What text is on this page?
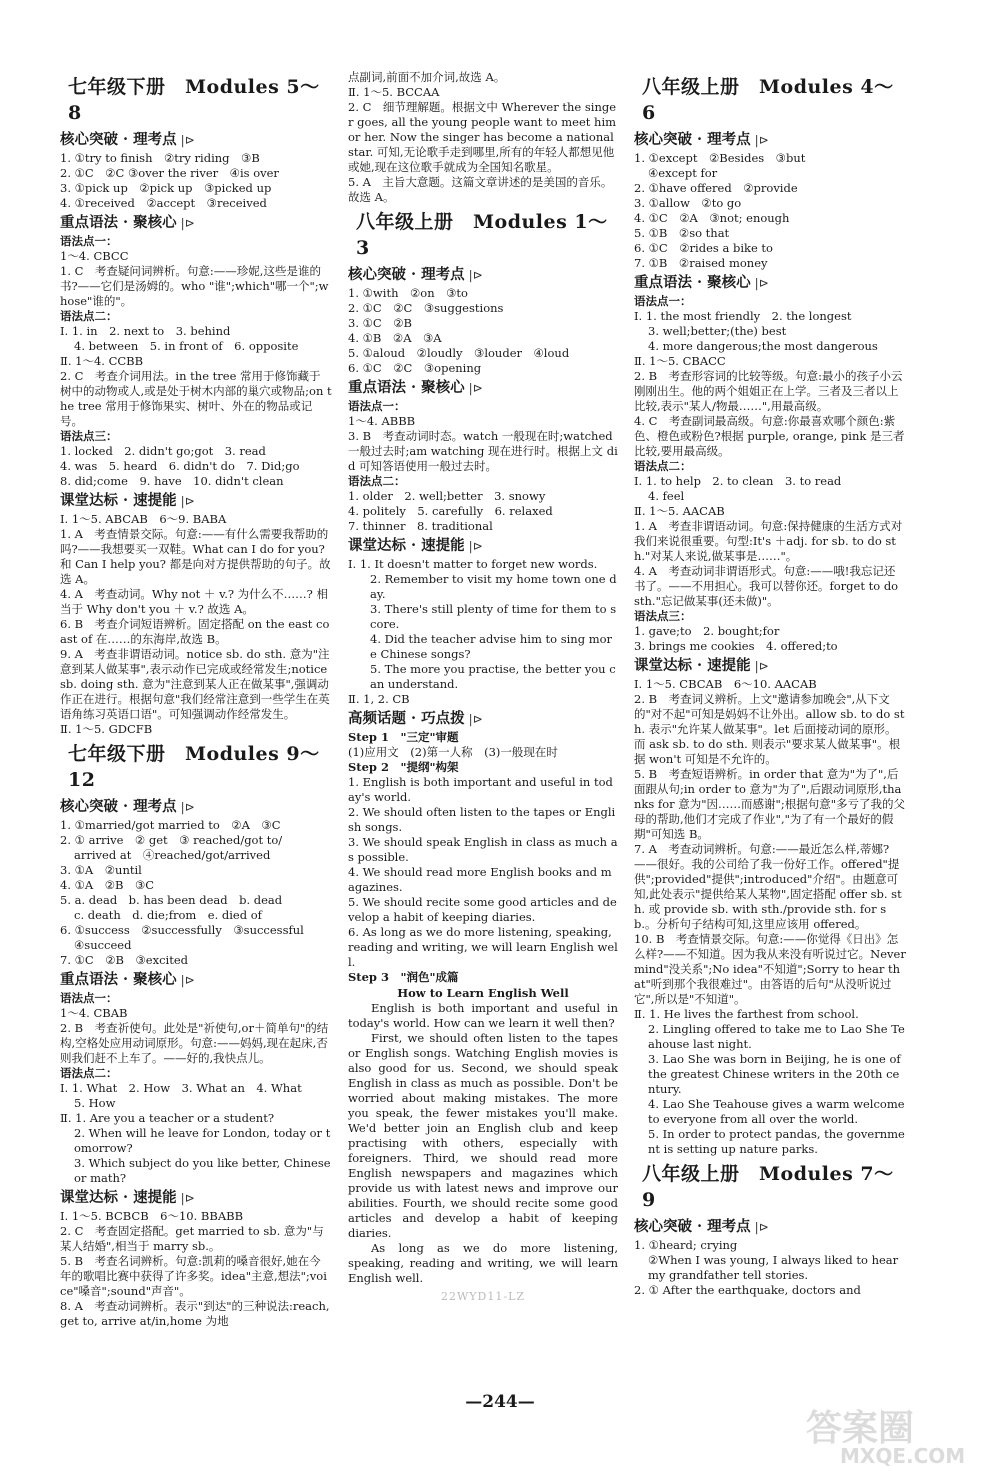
七年级下册　Modules 5～8
核心突破 · 理考点 |⊳
1. ①try to finish　②try riding　③B
2. ①C　②C ③over the river　④is over
3. ①pick up　②pick up　③picked up
4. ①received　②accept　③received
重点语法 · 聚核心 |⊳
语法点一：
1～4. CBCC
1. C　考查疑问词辨析。句意:——珍妮,这些是谁的书?——它们是汤姆的。who "谁";which"哪一个";whose"谁的"。
语法点二：
Ⅰ. 1. in　2. next to　3. behind
4. between　5. in front of　6. opposite
Ⅱ. 1～4. CCBB
2. C　考查介词用法。in the tree 常用于修饰藏于树中的动物或人,或是处于树木内部的巢穴或物品;on the tree 常用于修饰果实、树叶、外在的物品或记号。
语法点三：
1. locked　2. didn't go;got　3. read
4. was　5. heard　6. didn't do　7. Did;go
8. did;come　9. have　10. didn't clean
课堂达标 · 速提能 |⊳
Ⅰ. 1～5. ABCAB　6～9. BABA
1. A　考查情景交际。句意:——有什么需要我帮助的吗?——我想要买一双鞋。What can I do for you? 和 Can I help you? 都是向对方提供帮助的句子。故选 A。
4. A　考查动词。Why not ＋ v.? 为什么不……? 相当于 Why don't you ＋ v.? 故选 A。
6. B　考查介词短语辨析。固定搭配 on the east coast of 在……的东海岸,故选 B。
9. A　考查非谓语动词。notice sb. do sth. 意为"注意到某人做某事",表示动作已完成或经常发生;notice sb. doing sth. 意为"注意到某人正在做某事",强调动作正在进行。根据句意"我们经常注意到一些学生在英语角练习英语口语"。可知强调动作经常发生。
Ⅱ. 1～5. GDCFB
七年级下册　Modules 9～12
核心突破 · 理考点 |⊳
1. ①married/got married to　②A　③C
2. ① arrive　② get　③ reached/got to/
arrived at　④reached/got/arrived
3. ①A　②until
4. ①A　②B　③C
5. a. dead　b. has been dead　b. dead
c. death　d. die;from　e. died of
6. ①success　②successfully　③successful
④succeed
7. ①C　②B　③excited
重点语法 · 聚核心 |⊳
语法点一：
1～4. CBAB
2. B　考查祈使句。此处是"祈使句,or＋简单句"的结构,空格处应用动词原形。句意:——妈妈,现在起床,否则我们赶不上车了。——好的,我快点儿。
语法点二：
Ⅰ. 1. What　2. How　3. What an　4. What
5. How
Ⅱ. 1. Are you a teacher or a student?
2. When will he leave for London, today or tomorrow?
3. Which subject do you like better, Chinese or math?
课堂达标 · 速提能 |⊳
Ⅰ. 1～5. BCBCB　6～10. BBABB
2. C　考查固定搭配。get married to sb. 意为"与某人结婚",相当于 marry sb.。
5. B　考查名词辨析。句意:凯莉的嗓音很好,她在今年的歌唱比赛中获得了许多奖。idea"主意,想法";voice"嗓音";sound"声音"。
8. A　考查动词辨析。表示"到达"的三种说法:reach, get to, arrive at/in,home 为地
点副词,前面不加介词,故选 A。
Ⅱ. 1～5. BCCAA
2. C　细节理解题。根据文中 Wherever the singer goes, all the young people want to meet him or her. Now the singer has become a national star. 可知,无论歌手走到哪里,所有的年轻人都想见他或她,现在这位歌手就成为全国知名歌星。
5. A　主旨大意题。这篇文章讲述的是美国的音乐。故选 A。
八年级上册　Modules 1～3
核心突破 · 理考点 |⊳
1. ①with　②on　③to
2. ①C　②C　③suggestions
3. ①C　②B
4. ①B　②A　③A
5. ①aloud　②loudly　③louder　④loud
6. ①C　②C　③opening
重点语法 · 聚核心 |⊳
语法点一：
1～4. ABBB
3. B　考查动词时态。watch 一般现在时;watched 一般过去时;am watching 现在进行时。根据上文 did 可知答语使用一般过去时。
语法点二：
1. older　2. well;better　3. snowy
4. politely　5. carefully　6. relaxed
7. thinner　8. traditional
课堂达标 · 速提能 |⊳
Ⅰ. 1. It doesn't matter to forget new words.
2. Remember to visit my home town one day.
3. There's still plenty of time for them to score.
4. Did the teacher advise him to sing more Chinese songs?
5. The more you practise, the better you can understand.
Ⅱ. 1, 2. CB
高频话题 · 巧点拨 |⊳
Step 1　"三定"审题
(1)应用文　(2)第一人称　(3)一般现在时
Step 2　"提纲"构架
1. English is both important and useful in today's world.
2. We should often listen to the tapes or English songs.
3. We should speak English in class as much as possible.
4. We should read more English books and magazines.
5. We should recite some good articles and develop a habit of keeping diaries.
6. As long as we do more listening, speaking, reading and writing, we will learn English well.
Step 3　"润色"成篇
How to Learn English Well
English is both important and useful in today's world. How can we learn it well then?
First, we should often listen to the tapes or English songs. Watching English movies is also good for us. Second, we should speak English in class as much as possible. Don't be worried about making mistakes. The more you speak, the fewer mistakes you'll make. We'd better join an English club and keep practising with others, especially with foreigners. Third, we should read more English newspapers and magazines which provide us with latest news and improve our abilities. Fourth, we should recite some good articles and develop a habit of keeping diaries.
As long as we do more listening, speaking, reading and writing, we will learn English well.
22WYD11-LZ
八年级上册　Modules 4～6
核心突破 · 理考点 |⊳
1. ①except　②Besides　③but
④except for
2. ①have offered　②provide
3. ①allow　②to go
4. ①C　②A　③not; enough
5. ①B　②so that
6. ①C　②rides a bike to
7. ①B　②raised money
重点语法 · 聚核心 |⊳
语法点一：
Ⅰ. 1. the most friendly　2. the longest
3. well;better;(the) best
4. more dangerous;the most dangerous
Ⅱ. 1～5. CBACC
2. B　考查形容词的比较等级。句意:最小的孩子小云刚刚出生。他的两个姐姐正在上学。三者及三者以上比较,表示"某人/物最……",用最高级。
4. C　考查副词最高级。句意:你最喜欢哪个颜色:紫色、橙色或粉色?根据 purple, orange, pink 是三者比较,要用最高级。
语法点二：
Ⅰ. 1. to help　2. to clean　3. to read
4. feel
Ⅱ. 1～5. AACAB
1. A　考查非谓语动词。句意:保持健康的生活方式对我们来说很重要。句型:It's ＋adj. for sb. to do sth."对某人来说,做某事是……"。
4. A　考查动词非谓语形式。句意:——哦!我忘记还书了。——不用担心。我可以替你还。forget to do sth."忘记做某事(还未做)"。
语法点三：
1. gave;to　2. bought;for
3. brings me cookies　4. offered;to
课堂达标 · 速提能 |⊳
Ⅰ. 1～5. CBCAB　6～10. AACAB
2. B　考查词义辨析。上文"邀请参加晚会",从下文的"对不起"可知是妈妈不让外出。allow sb. to do sth. 表示"允许某人做某事"。let 后面接动词的原形。而 ask sb. to do sth. 则表示"要求某人做某事"。根据 won't 可知是不允许的。
5. B　考查短语辨析。in order that 意为"为了",后面跟从句;in order to 意为"为了",后跟动词原形,thanks for 意为"因……而感谢";根据句意"多亏了我的父母的帮助,他们才完成了作业","为了有一个最好的假期"可知选 B。
7. A　考查动词辨析。句意:——最近怎么样,蒂娜?——很好。我的公司给了我一份好工作。offered"提供";provided"提供";introduced"介绍"。由题意可知,此处表示"提供给某人某物",固定搭配 offer sb. sth. 或 provide sb. with sth./provide sth. for sb.。分析句子结构可知,这里应该用 offered。
10. B　考查情景交际。句意:——你觉得《日出》怎么样?——不知道。因为我从来没有听说过它。Never mind"没关系";No idea"不知道";Sorry to hear that"听到那个我很难过"。由答语的后句"从没听说过它",所以是"不知道"。
Ⅱ. 1. He lives the farthest from school.
2. Lingling offered to take me to Lao She Teahouse last night.
3. Lao She was born in Beijing, he is one of the greatest Chinese writers in the 20th century.
4. Lao She Teahouse gives a warm welcome to everyone from all over the world.
5. In order to protect pandas, the government is setting up nature parks.
八年级上册　Modules 7～9
核心突破 · 理考点 |⊳
1. ①heard; crying
②When I was young, I always liked to hear my grandfather tell stories.
2. ① After the earthquake, doctors and
—244—
答案圈
MXQE.COM
